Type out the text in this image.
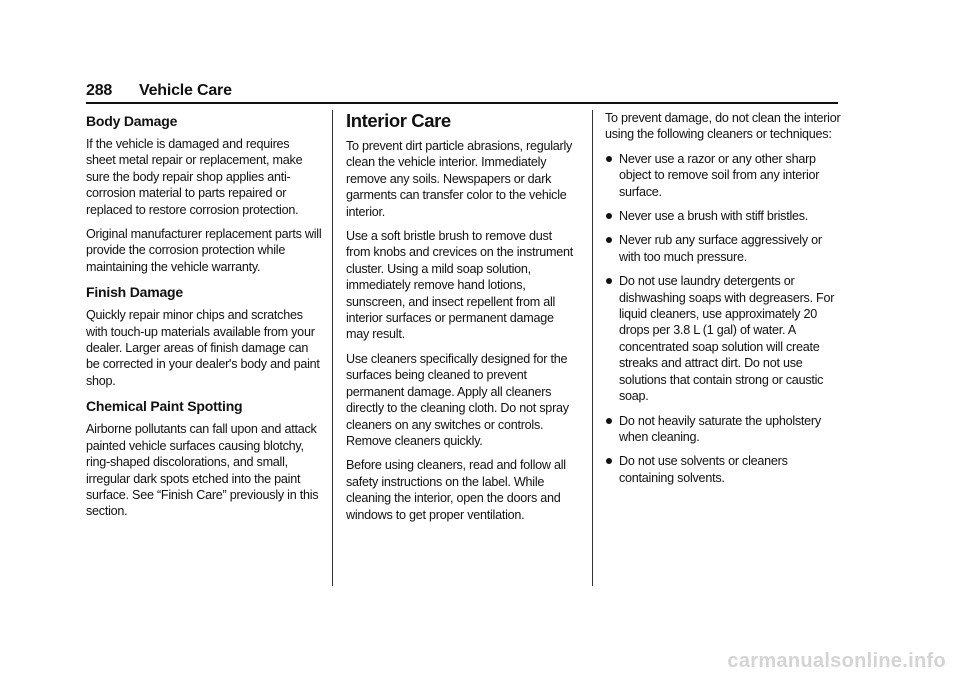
288 Vehicle Care
Body Damage

If the vehicle is damaged and requires sheet metal repair or replacement, make sure the body repair shop applies anti-corrosion material to parts repaired or replaced to restore corrosion protection.

Original manufacturer replacement parts will provide the corrosion protection while maintaining the vehicle warranty.

Finish Damage

Quickly repair minor chips and scratches with touch-up materials available from your dealer. Larger areas of finish damage can be corrected in your dealer's body and paint shop.

Chemical Paint Spotting

Airborne pollutants can fall upon and attack painted vehicle surfaces causing blotchy, ring-shaped discolorations, and small, irregular dark spots etched into the paint surface. See “Finish Care” previously in this section.

Interior Care

To prevent dirt particle abrasions, regularly clean the vehicle interior. Immediately remove any soils. Newspapers or dark garments can transfer color to the vehicle interior.

Use a soft bristle brush to remove dust from knobs and crevices on the instrument cluster. Using a mild soap solution, immediately remove hand lotions, sunscreen, and insect repellent from all interior surfaces or permanent damage may result.

Use cleaners specifically designed for the surfaces being cleaned to prevent permanent damage. Apply all cleaners directly to the cleaning cloth. Do not spray cleaners on any switches or controls. Remove cleaners quickly.

Before using cleaners, read and follow all safety instructions on the label. While cleaning the interior, open the doors and windows to get proper ventilation.

To prevent damage, do not clean the interior using the following cleaners or techniques:

Never use a razor or any other sharp object to remove soil from any interior surface.
Never use a brush with stiff bristles.
Never rub any surface aggressively or with too much pressure.
Do not use laundry detergents or dishwashing soaps with degreasers. For liquid cleaners, use approximately 20 drops per 3.8 L (1 gal) of water. A concentrated soap solution will create streaks and attract dirt. Do not use solutions that contain strong or caustic soap.
Do not heavily saturate the upholstery when cleaning.
Do not use solvents or cleaners containing solvents.
carmanualsonline.info
